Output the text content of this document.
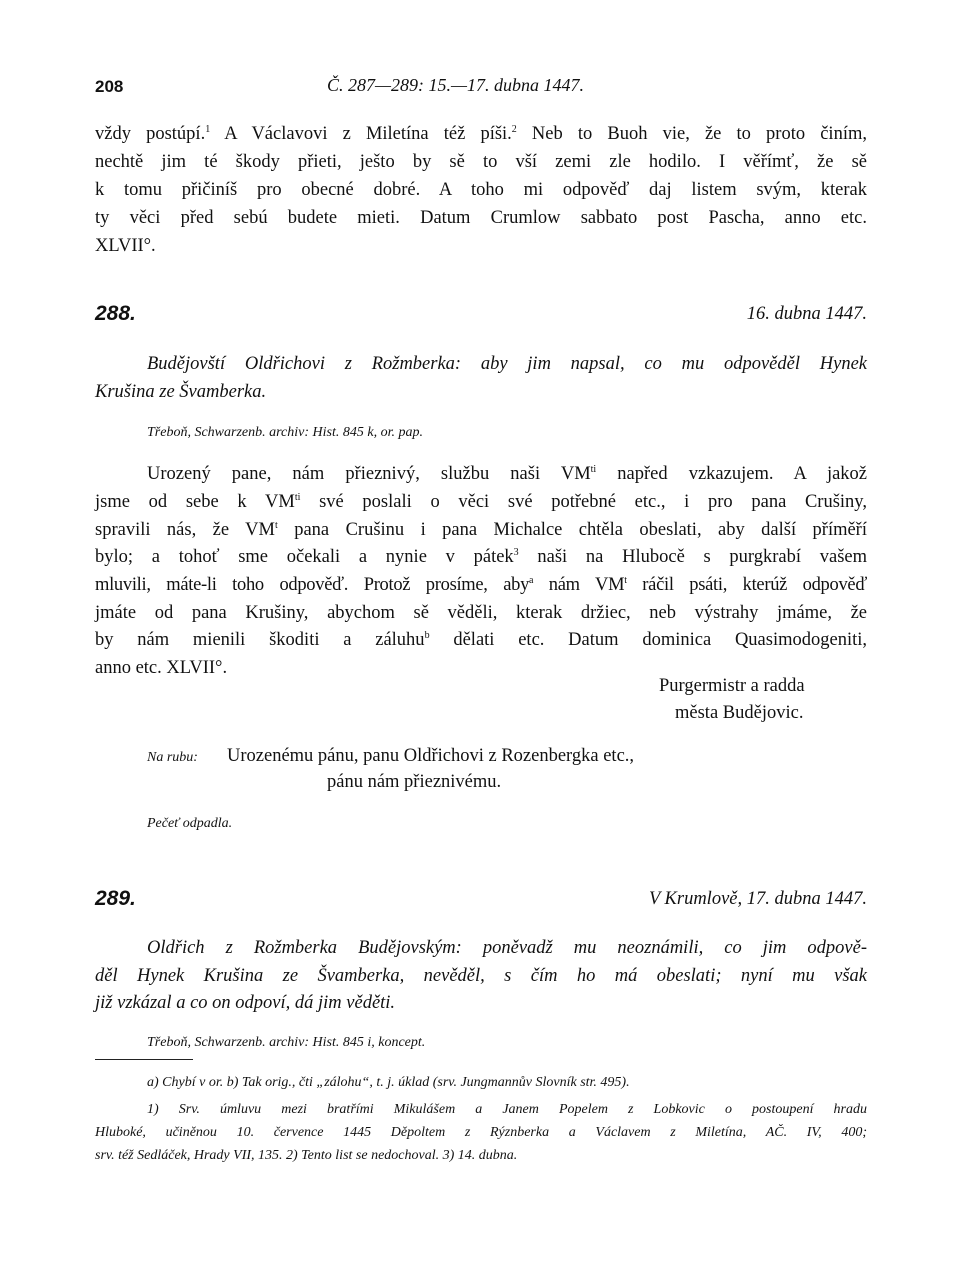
208	Č. 287—289: 15.—17. dubna 1447.
vždy postúpí.$^1$ A Václavovi z Miletína též píši.$^2$ Neb to Buoh vie, že to proto činím,
nechtě jim té škody přieti, ješto by sě to vší zemi zle hodilo. I věřímť, že sě
k tomu přičiníš pro obecné dobré. A toho mi odpověď daj listem svým, kterak
ty věci před sebú budete mieti. Datum Crumlow sabbato post Pascha, anno etc.
XLVII°.
288.	16. dubna 1447.
Budějovští Oldřichovi z Rožmberka: aby jim napsal, co mu odpověděl Hynek
Krušina ze Švamberka.
Třeboň, Schwarzenb. archiv: Hist. 845 k, or. pap.
Urozený pane, nám přieznivý, službu naši $VM^{ti}$ napřed vzkazujem. A jakož
jsme od sebe k $VM^{ti}$ své poslali o věci své potřebné etc., i pro pana Crušiny,
spravili nás, že $VM^t$ pana Crušinu i pana Michalce chtěla obeslati, aby další příměří
bylo; a tohoť sme očekali a nynie v pátek$^3$ naši na Hlubocě s purgkrabí vašem
mluvili, máte-li toho odpověď. Protož prosíme, aby$^a$ nám $VM^t$ ráčil psáti, kterúž odpověď
jmáte od pana Krušiny, abychom sě věděli, kterak držiec, neb výstrahy jmáme, že
by nám mienili škoditi a záluhu$^b$ dělati etc. Datum dominica Quasimodogeniti,
anno etc. XLVII°.
Purgermistr a radda
města Budějovic.
Na rubu: Urozenému pánu, panu Oldřichovi z Rozenbergka etc.,
pánu nám přieznivému.
Pečeť odpadla.
289.	V Krumlově, 17. dubna 1447.
Oldřich z Rožmberka Budějovským: poněvadž mu neoznámili, co jim odpově-
děl Hynek Krušina ze Švamberka, nevěděl, s čím ho má obeslati; nyní mu však
již vzkázal a co on odpoví, dá jim věděti.
Třeboň, Schwarzenb. archiv: Hist. 845 i, koncept.
a) Chybí v or. b) Tak orig., čti „zálohu“, t. j. úklad (srv. Jungmannův Slovník str. 495).
1) Srv. úmluvu mezi bratřími Mikulášem a Janem Popelem z Lobkovic o postoupení hradu
Hluboké, učiněnou 10. července 1445 Děpoltem z Rýznberka a Václavem z Miletína, AČ. IV, 400;
srv. též Sedláček, Hrady VII, 135. 2) Tento list se nedochoval. 3) 14. dubna.
